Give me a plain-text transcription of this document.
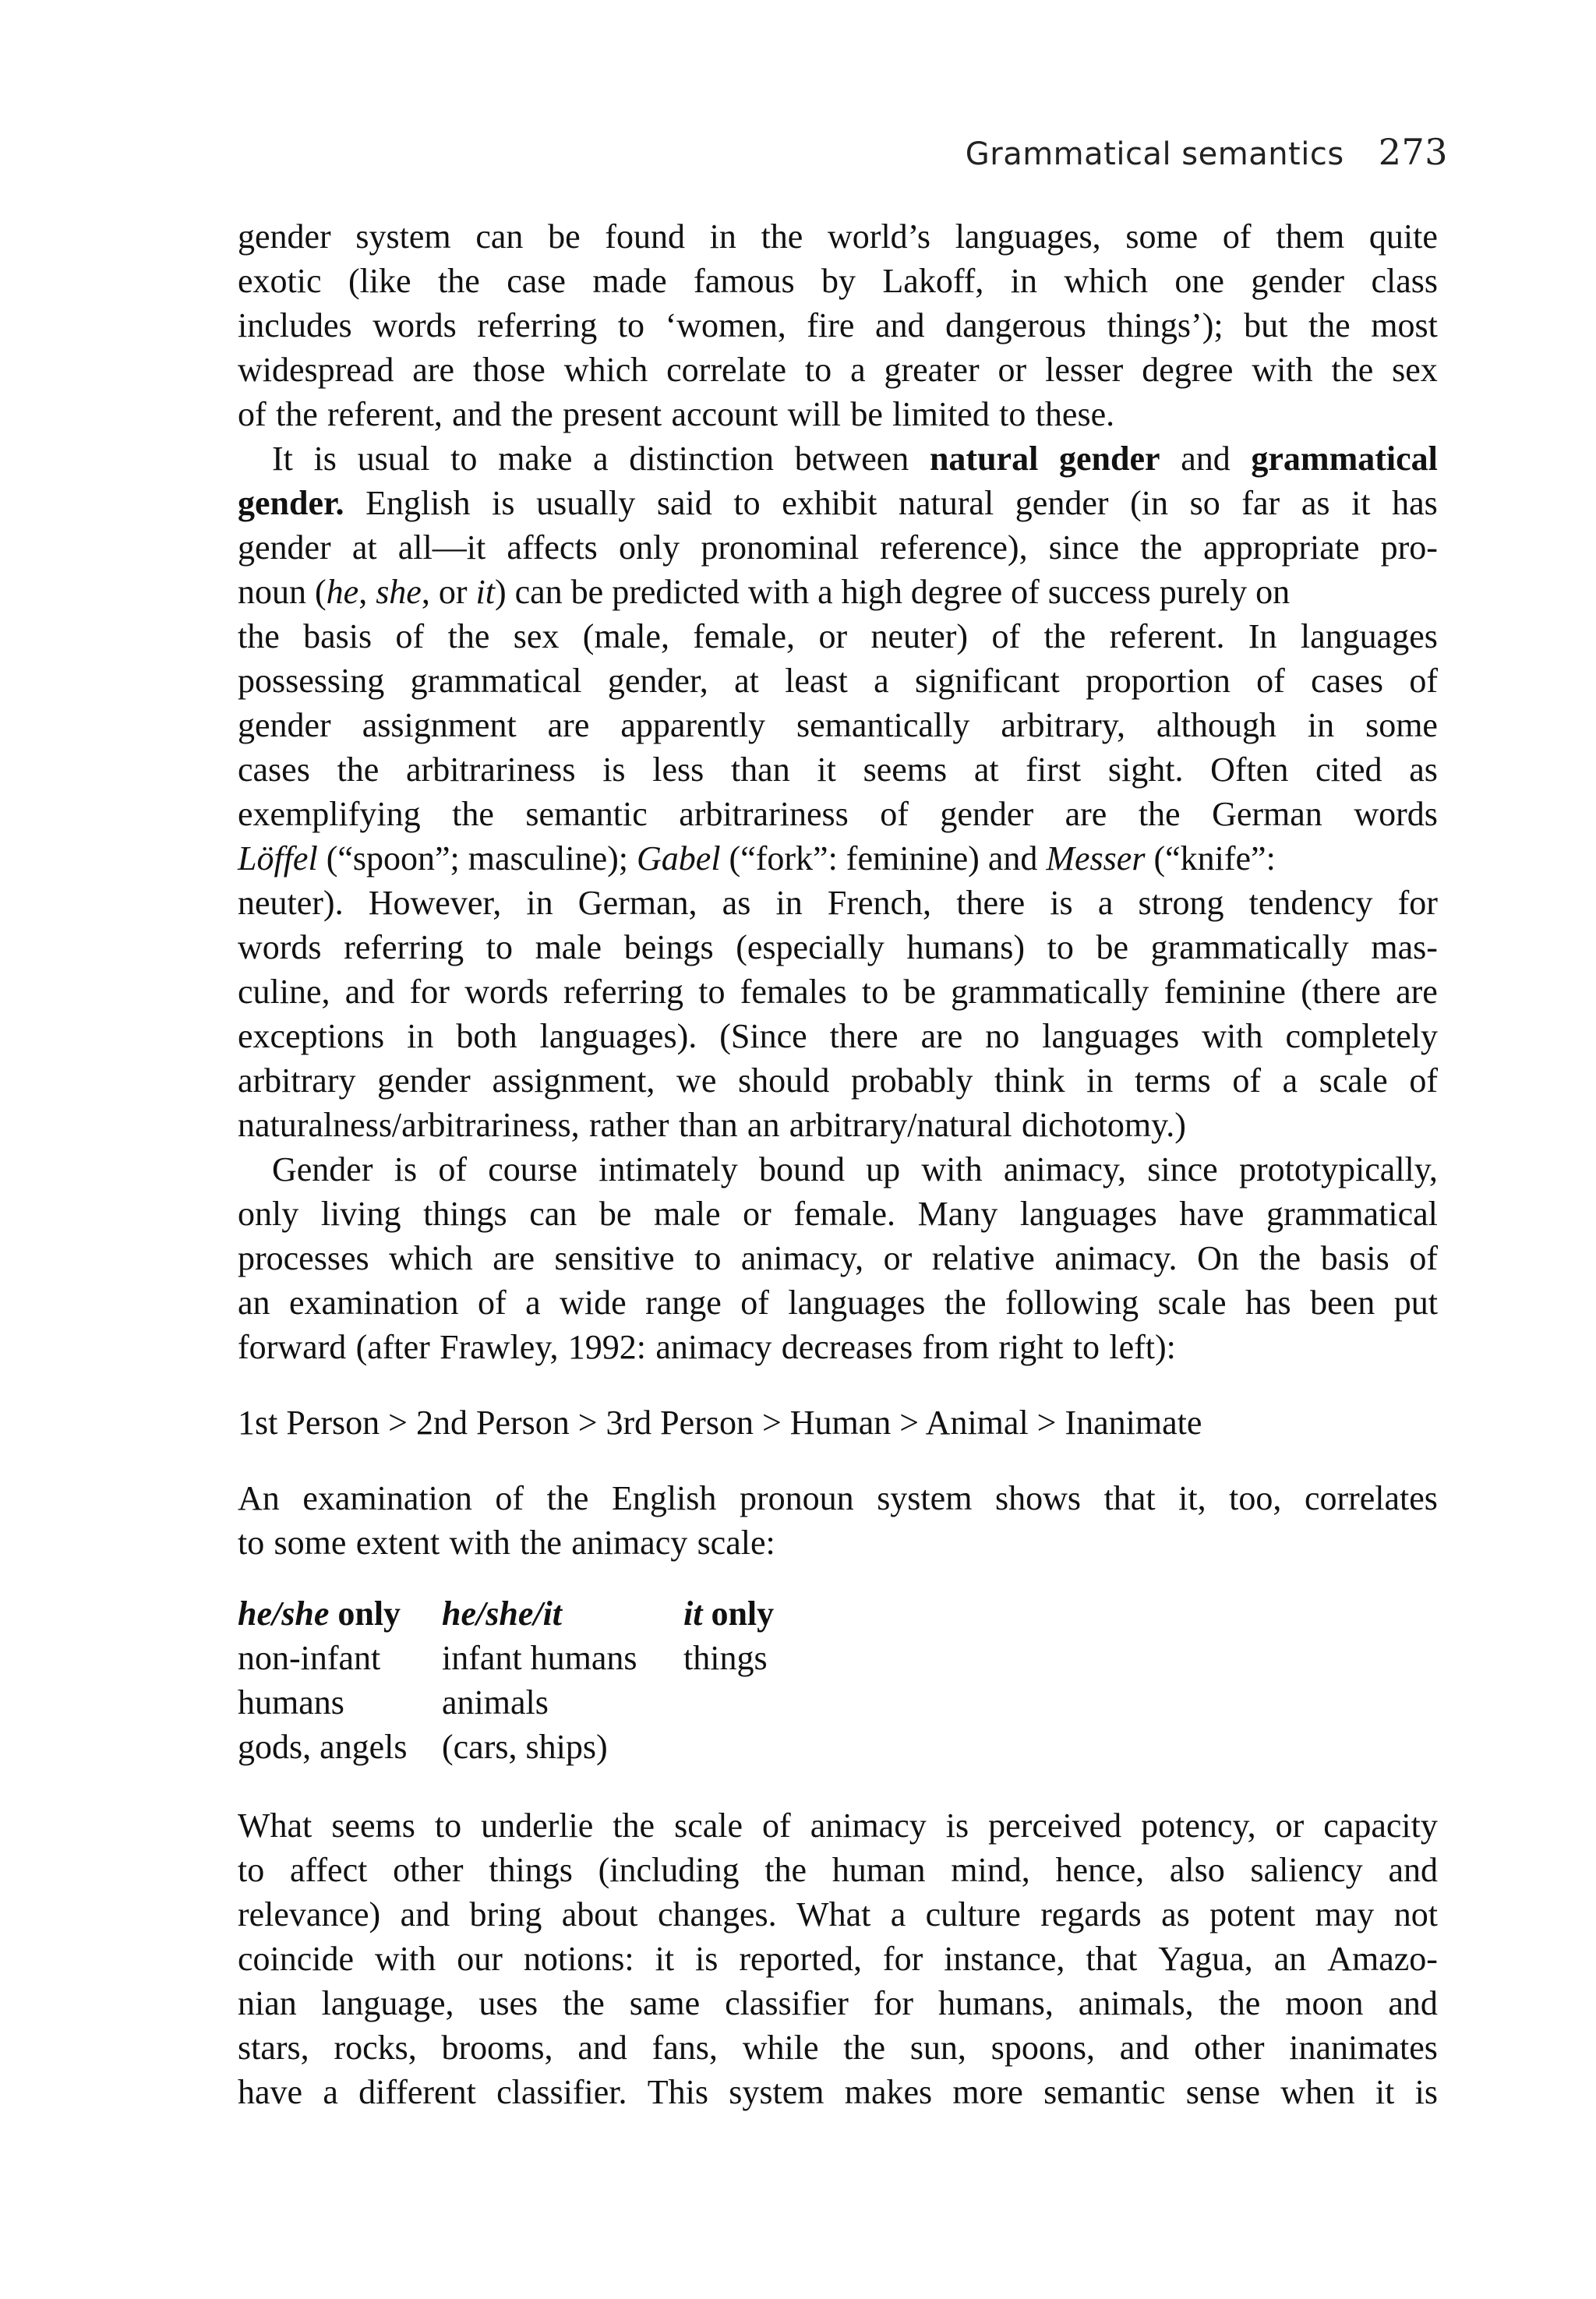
Grammatical semantics 273
gender system can be found in the world’s languages, some of them quite
exotic (like the case made famous by Lakoff, in which one gender class
includes words referring to ‘women, fire and dangerous things’); but the most
widespread are those which correlate to a greater or lesser degree with the sex
of the referent, and the present account will be limited to these.
It is usual to make a distinction between natural gender and grammatical
gender. English is usually said to exhibit natural gender (in so far as it has
gender at all—it affects only pronominal reference), since the appropriate pro-
noun (he, she, or it) can be predicted with a high degree of success purely on
the basis of the sex (male, female, or neuter) of the referent. In languages
possessing grammatical gender, at least a significant proportion of cases of
gender assignment are apparently semantically arbitrary, although in some
cases the arbitrariness is less than it seems at first sight. Often cited as
exemplifying the semantic arbitrariness of gender are the German words
Löffel (“spoon”; masculine); Gabel (“fork”: feminine) and Messer (“knife”:
neuter). However, in German, as in French, there is a strong tendency for
words referring to male beings (especially humans) to be grammatically mas-
culine, and for words referring to females to be grammatically feminine (there are
exceptions in both languages). (Since there are no languages with completely
arbitrary gender assignment, we should probably think in terms of a scale of
naturalness/arbitrariness, rather than an arbitrary/natural dichotomy.)
Gender is of course intimately bound up with animacy, since prototypically,
only living things can be male or female. Many languages have grammatical
processes which are sensitive to animacy, or relative animacy. On the basis of
an examination of a wide range of languages the following scale has been put
forward (after Frawley, 1992: animacy decreases from right to left):
1st Person > 2nd Person > 3rd Person > Human > Animal > Inanimate
An examination of the English pronoun system shows that it, too, correlates
to some extent with the animacy scale:
he/she only	he/she/it	it only
non-infant	infant humans	things
humans	animals
gods, angels	(cars, ships)
What seems to underlie the scale of animacy is perceived potency, or capacity
to affect other things (including the human mind, hence, also saliency and
relevance) and bring about changes. What a culture regards as potent may not
coincide with our notions: it is reported, for instance, that Yagua, an Amazo-
nian language, uses the same classifier for humans, animals, the moon and
stars, rocks, brooms, and fans, while the sun, spoons, and other inanimates
have a different classifier. This system makes more semantic sense when it is
